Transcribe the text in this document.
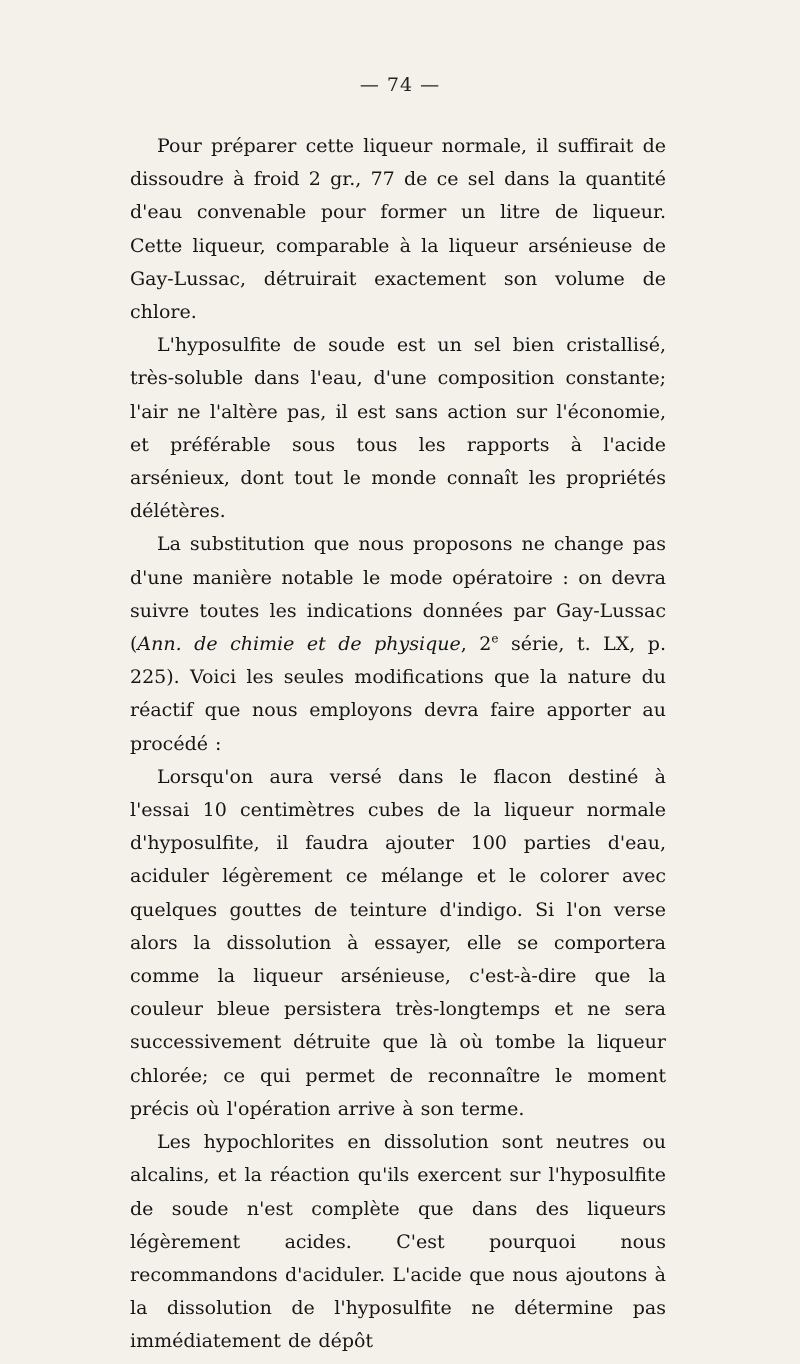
— 74 —

Pour préparer cette liqueur normale, il suffirait de dissoudre à froid 2 gr., 77 de ce sel dans la quantité d'eau convenable pour former un litre de liqueur. Cette liqueur, comparable à la liqueur arsénieuse de Gay-Lussac, détruirait exactement son volume de chlore.

L'hyposulfite de soude est un sel bien cristallisé, très-soluble dans l'eau, d'une composition constante; l'air ne l'altère pas, il est sans action sur l'économie, et préférable sous tous les rapports à l'acide arsénieux, dont tout le monde connaît les propriétés délétères.

La substitution que nous proposons ne change pas d'une manière notable le mode opératoire : on devra suivre toutes les indications données par Gay-Lussac (Ann. de chimie et de physique, 2e série, t. LX, p. 225). Voici les seules modifications que la nature du réactif que nous employons devra faire apporter au procédé :

Lorsqu'on aura versé dans le flacon destiné à l'essai 10 centimètres cubes de la liqueur normale d'hyposulfite, il faudra ajouter 100 parties d'eau, aciduler légèrement ce mélange et le colorer avec quelques gouttes de teinture d'indigo. Si l'on verse alors la dissolution à essayer, elle se comportera comme la liqueur arsénieuse, c'est-à-dire que la couleur bleue persistera très-longtemps et ne sera successivement détruite que là où tombe la liqueur chlorée; ce qui permet de reconnaître le moment précis où l'opération arrive à son terme.

Les hypochlorites en dissolution sont neutres ou alcalins, et la réaction qu'ils exercent sur l'hyposulfite de soude n'est complète que dans des liqueurs légèrement acides. C'est pourquoi nous recommandons d'aciduler. L'acide que nous ajoutons à la dissolution de l'hyposulfite ne détermine pas immédiatement de dépôt
